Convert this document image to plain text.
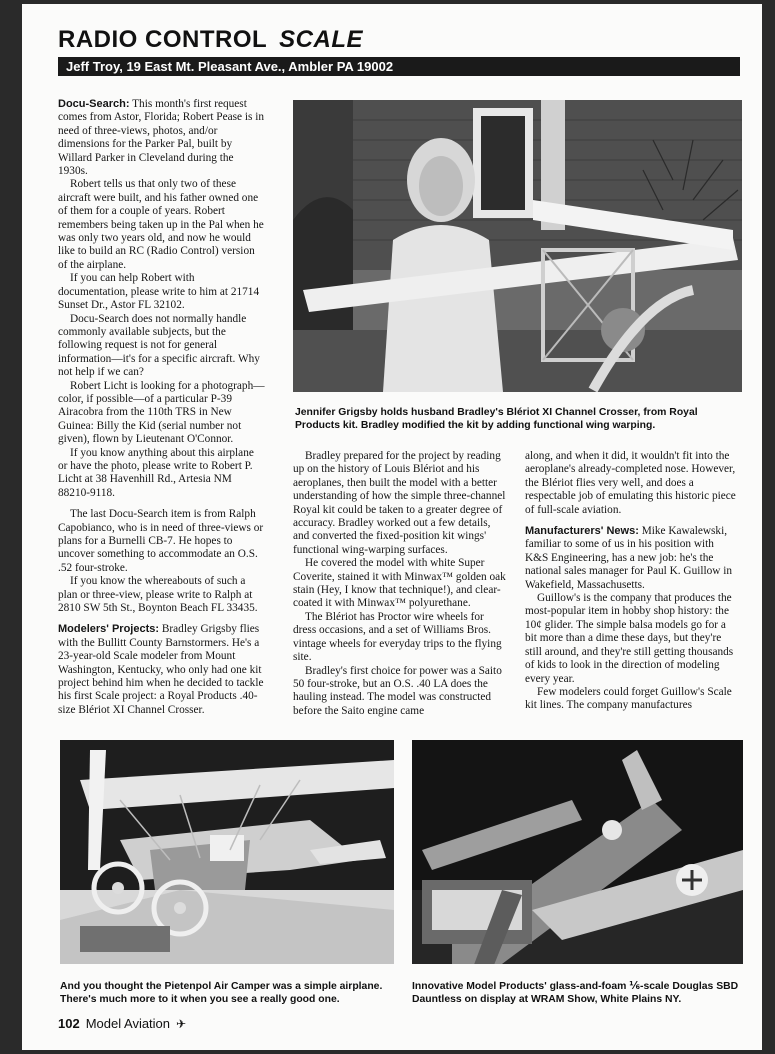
RADIO CONTROL SCALE
Jeff Troy, 19 East Mt. Pleasant Ave., Ambler PA 19002

Docu-Search: This month's first request comes from Astor, Florida; Robert Pease is in need of three-views, photos, and/or dimensions for the Parker Pal, built by Willard Parker in Cleveland during the 1930s.

Robert tells us that only two of these aircraft were built, and his father owned one of them for a couple of years. Robert remembers being taken up in the Pal when he was only two years old, and now he would like to build an RC (Radio Control) version of the airplane.

If you can help Robert with documentation, please write to him at 21714 Sunset Dr., Astor FL 32102.

Docu-Search does not normally handle commonly available subjects, but the following request is not for general information—it's for a specific aircraft. Why not help if we can?

Robert Licht is looking for a photograph—color, if possible—of a particular P-39 Airacobra from the 110th TRS in New Guinea: Billy the Kid (serial number not given), flown by Lieutenant O'Connor.

If you know anything about this airplane or have the photo, please write to Robert P. Licht at 38 Havenhill Rd., Artesia NM 88210-9118.

The last Docu-Search item is from Ralph Capobianco, who is in need of three-views or plans for a Burnelli CB-7. He hopes to uncover something to accommodate an O.S. .52 four-stroke.

If you know the whereabouts of such a plan or three-view, please write to Ralph at 2810 SW 5th St., Boynton Beach FL 33435.

Modelers' Projects: Bradley Grigsby flies with the Bullitt County Barnstormers. He's a 23-year-old Scale modeler from Mount Washington, Kentucky, who only had one kit project behind him when he decided to tackle his first Scale project: a Royal Products .40-size Blériot XI Channel Crosser.

Jennifer Grigsby holds husband Bradley's Blériot XI Channel Crosser, from Royal Products kit. Bradley modified the kit by adding functional wing warping.

Bradley prepared for the project by reading up on the history of Louis Blériot and his aeroplanes, then built the model with a better understanding of how the simple three-channel Royal kit could be taken to a greater degree of accuracy. Bradley worked out a few details, and converted the fixed-position kit wings' functional wing-warping surfaces.

He covered the model with white Super Coverite, stained it with Minwax™ golden oak stain (Hey, I know that technique!), and clear-coated it with Minwax™ polyurethane.

The Blériot has Proctor wire wheels for dress occasions, and a set of Williams Bros. vintage wheels for everyday trips to the flying site.

Bradley's first choice for power was a Saito 50 four-stroke, but an O.S. .40 LA does the hauling instead. The model was constructed before the Saito engine came

along, and when it did, it wouldn't fit into the aeroplane's already-completed nose. However, the Blériot flies very well, and does a respectable job of emulating this historic piece of full-scale aviation.

Manufacturers' News: Mike Kawalewski, familiar to some of us in his position with K&S Engineering, has a new job: he's the national sales manager for Paul K. Guillow in Wakefield, Massachusetts.

Guillow's is the company that produces the most-popular item in hobby shop history: the 10¢ glider. The simple balsa models go for a bit more than a dime these days, but they're still around, and they're still getting thousands of kids to look in the direction of modeling every year.

Few modelers could forget Guillow's Scale kit lines. The company manufactures

And you thought the Pietenpol Air Camper was a simple airplane. There's much more to it when you see a really good one.
Innovative Model Products' glass-and-foam ⅙-scale Douglas SBD Dauntless on display at WRAM Show, White Plains NY.
102 Model Aviation ✈
